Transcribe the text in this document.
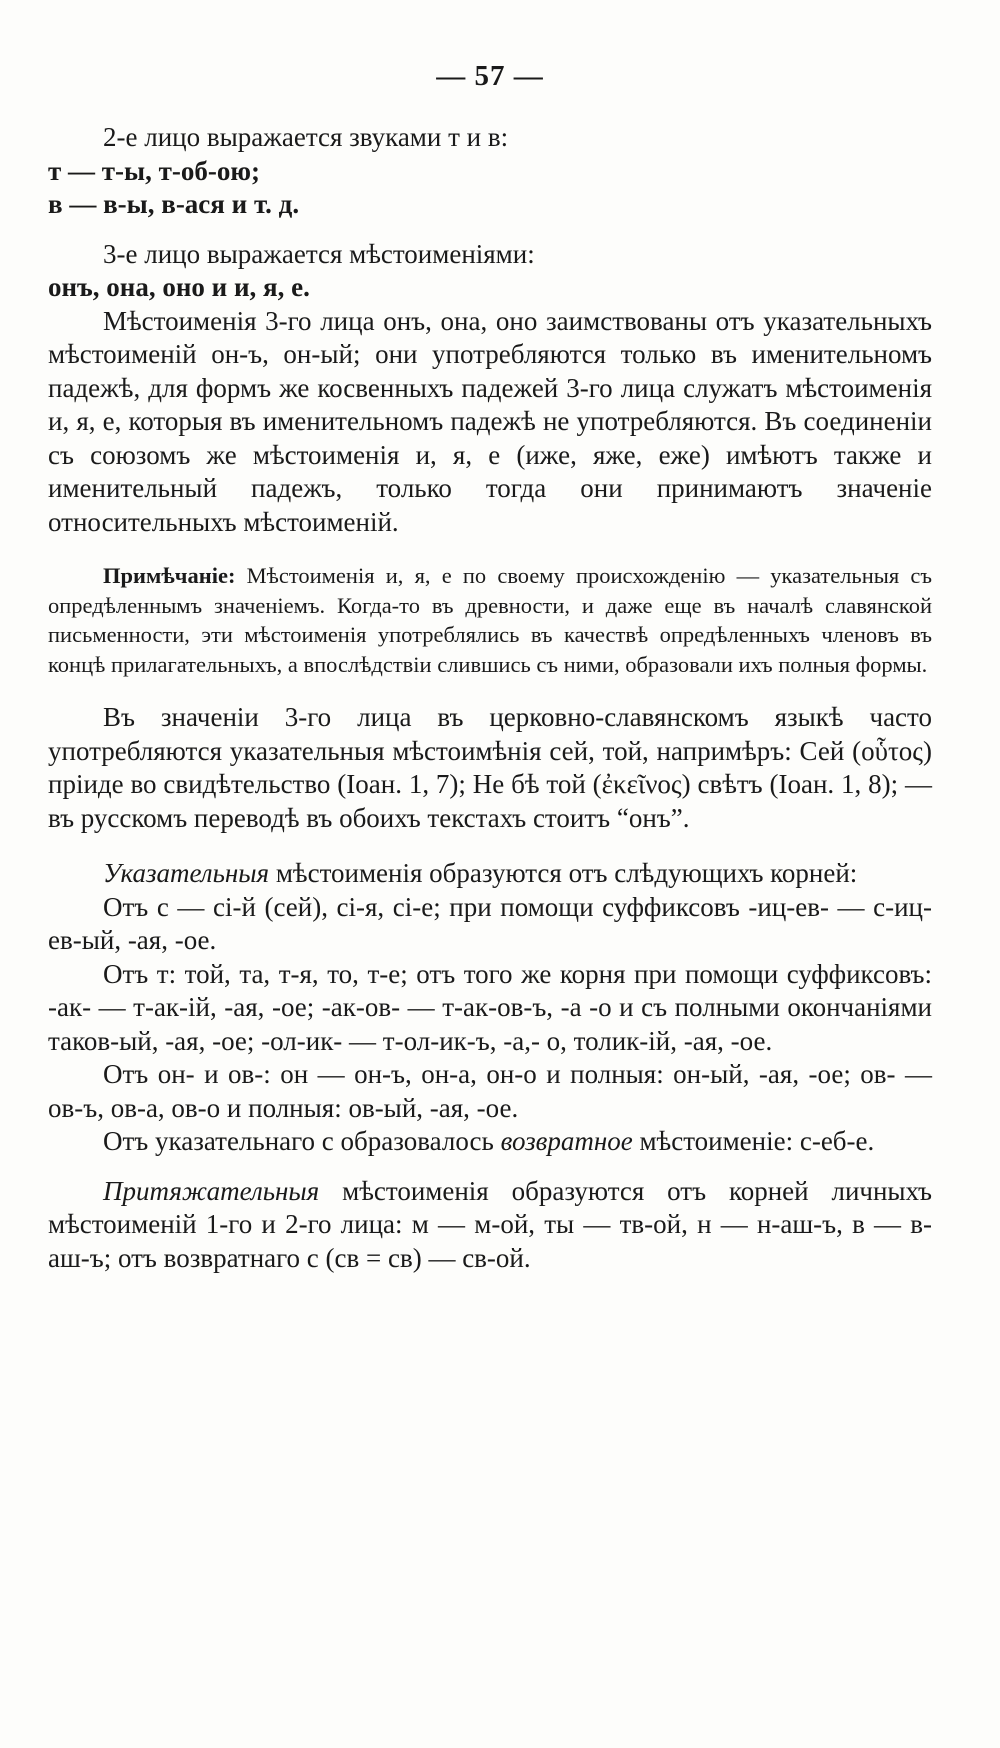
— 57 —

2-е лицо выражается звуками т и в:

т — т-ы, т-об-ою;

в — в-ы, в-ася и т. д.

3-е лицо выражается мѣстоименіями:

онъ, она, оно и и, я, е.

Мѣстоименія 3-го лица онъ, она, оно заимствованы отъ указательныхъ мѣстоименій он-ъ, он-ый; они употребляются только въ именительномъ падежѣ, для формъ же косвенныхъ падежей 3-го лица служатъ мѣстоименія и, я, е, которыя въ именительномъ падежѣ не употребляются. Въ соединеніи съ союзомъ же мѣстоименія и, я, е (иже, яже, еже) имѣютъ также и именительный падежъ, только тогда они принимаютъ значеніе относительныхъ мѣстоименій.

Примѣчаніе: Мѣстоименія и, я, е по своему происхожденію — указательныя съ опредѣленнымъ значеніемъ. Когда-то въ древности, и даже еще въ началѣ славянской письменности, эти мѣстоименія употреблялись въ качествѣ опредѣленныхъ членовъ въ концѣ прилагательныхъ, а впослѣдствіи слившись съ ними, образовали ихъ полныя формы.

Въ значеніи 3-го лица въ церковно-славянскомъ языкѣ часто употребляются указательныя мѣстоимѣнія сей, той, напримѣръ: Сей (οὗτος) пріиде во свидѣтельство (Іоан. 1, 7); Не бѣ той (ἐκεῖνος) свѣтъ (Іоан. 1, 8); — въ русскомъ переводѣ въ обоихъ текстахъ стоитъ “онъ”.

Указательныя мѣстоименія образуются отъ слѣдующихъ корней:

Отъ с — сі-й (сей), сі-я, сі-е; при помощи суффиксовъ -иц-ев- — с-иц-ев-ый, -ая, -ое.

Отъ т: той, та, т-я, то, т-е; отъ того же корня при помощи суффиксовъ: -ак- — т-ак-ій, -ая, -ое; -ак-ов- — т-ак-ов-ъ, -а -о и съ полными окончаніями таков-ый, -ая, -ое; -ол-ик- — т-ол-ик-ъ, -а,- о, толик-ій, -ая, -ое.

Отъ он- и ов-: он — он-ъ, он-а, он-о и полныя: он-ый, -ая, -ое; ов- — ов-ъ, ов-а, ов-о и полныя: ов-ый, -ая, -ое.

Отъ указательнаго с образовалось возвратное мѣстоименіе: с-еб-е.

Притяжательныя мѣстоименія образуются отъ корней личныхъ мѣстоименій 1-го и 2-го лица: м — м-ой, ты — тв-ой, н — н-аш-ъ, в — в-аш-ъ; отъ возвратнаго с (св = св) — св-ой.
